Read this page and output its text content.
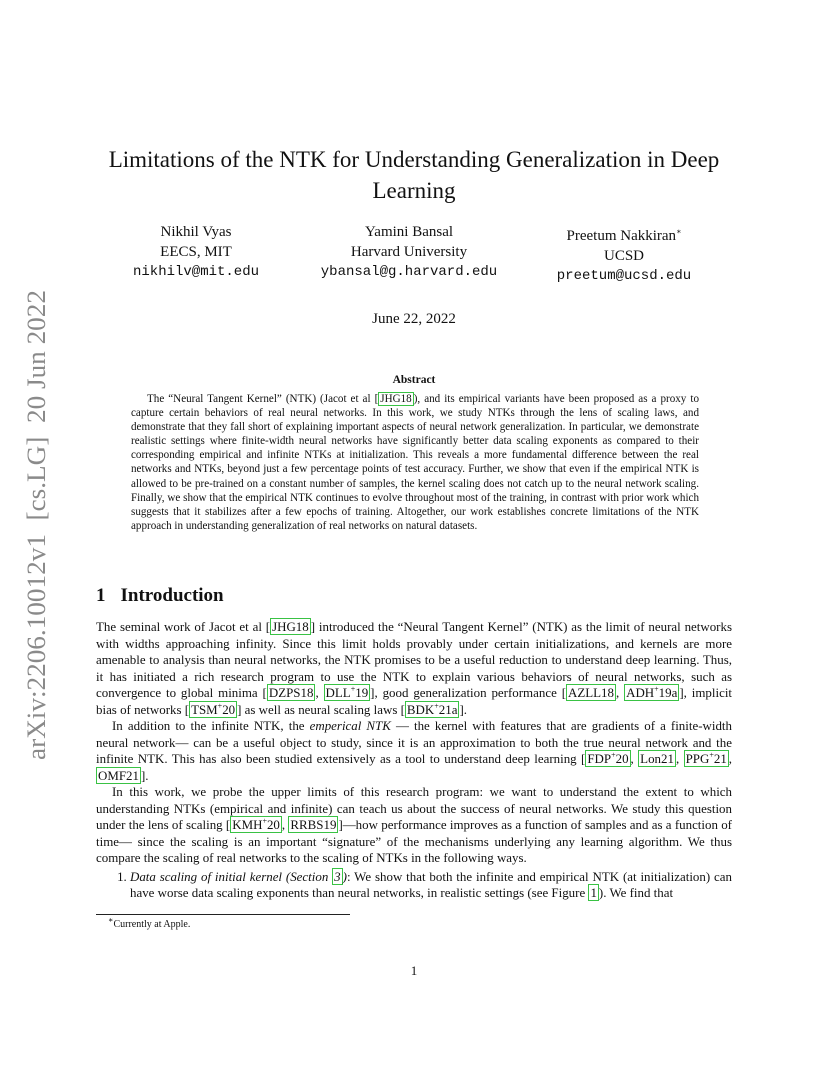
arXiv:2206.10012v1  [cs.LG]  20 Jun 2022
Limitations of the NTK for Understanding Generalization in Deep Learning
Nikhil Vyas
EECS, MIT
nikhilv@mit.edu
Yamini Bansal
Harvard University
ybansal@g.harvard.edu
Preetum Nakkiran∗
UCSD
preetum@ucsd.edu
June 22, 2022
Abstract

The “Neural Tangent Kernel” (NTK) (Jacot et al [ JHG18 ), and its empirical variants have been proposed as a proxy to capture certain behaviors of real neural networks. In this work, we study NTKs through the lens of scaling laws, and demonstrate that they fall short of explaining important aspects of neural network generalization. In particular, we demonstrate realistic settings where finite-width neural networks have significantly better data scaling exponents as compared to their corresponding empirical and infinite NTKs at initialization. This reveals a more fundamental difference between the real networks and NTKs, beyond just a few percentage points of test accuracy. Further, we show that even if the empirical NTK is allowed to be pre-trained on a constant number of samples, the kernel scaling does not catch up to the neural network scaling. Finally, we show that the empirical NTK continues to evolve throughout most of the training, in contrast with prior work which suggests that it stabilizes after a few epochs of training. Altogether, our work establishes concrete limitations of the NTK approach in understanding generalization of real networks on natural datasets.

1 Introduction

The seminal work of Jacot et al [ JHG18 ] introduced the “Neural Tangent Kernel” (NTK) as the limit of neural networks with widths approaching infinity. Since this limit holds provably under certain initializations, and kernels are more amenable to analysis than neural networks, the NTK promises to be a useful reduction to understand deep learning. Thus, it has initiated a rich research program to use the NTK to explain various behaviors of neural networks, such as convergence to global minima [ DZPS18 , DLL+19 ], good generalization performance [ AZLL18 , ADH+19a ], implicit bias of networks [ TSM+20 ] as well as neural scaling laws [ BDK+21a ].

In addition to the infinite NTK, the emperical NTK — the kernel with features that are gradients of a finite-width neural network— can be a useful object to study, since it is an approximation to both the true neural network and the infinite NTK. This has also been studied extensively as a tool to understand deep learning [ FDP+20 , Lon21 , PPG+21 , OMF21 ].

In this work, we probe the upper limits of this research program: we want to understand the extent to which understanding NTKs (empirical and infinite) can teach us about the success of neural networks. We study this question under the lens of scaling [ KMH+20 , RRBS19 ]—how performance improves as a function of samples and as a function of time— since the scaling is an important “signature” of the mechanisms underlying any learning algorithm. We thus compare the scaling of real networks to the scaling of NTKs in the following ways.

1. Data scaling of initial kernel (Section 3 ): We show that both the infinite and empirical NTK (at initialization) can have worse data scaling exponents than neural networks, in realistic settings (see Figure 1 ). We find that
∗Currently at Apple.
1
